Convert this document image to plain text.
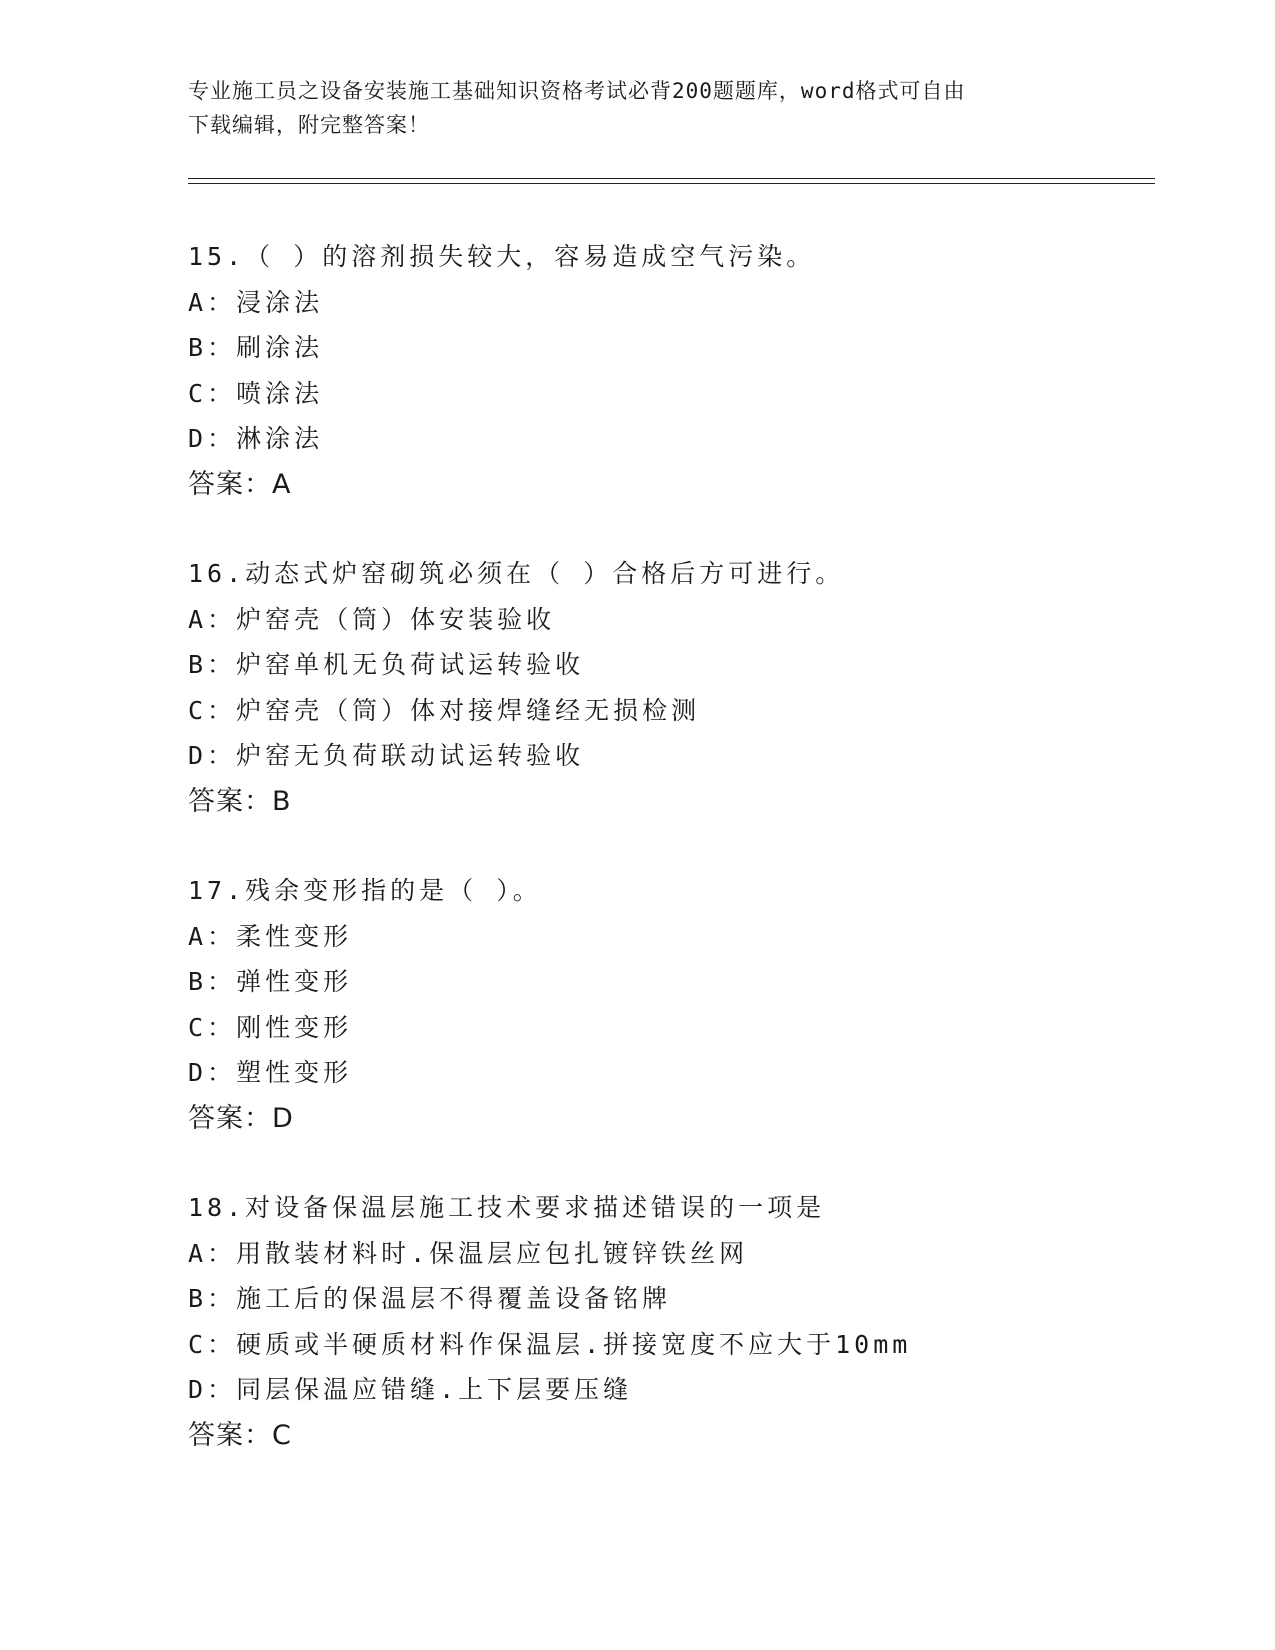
专业施工员之设备安装施工基础知识资格考试必背200题题库，word格式可自由
下载编辑，附完整答案！
15.（ ）的溶剂损失较大，容易造成空气污染。
A：浸涂法
B：刷涂法
C：喷涂法
D：淋涂法
答案：A
16.动态式炉窑砌筑必须在（ ）合格后方可进行。
A：炉窑壳（筒）体安装验收
B：炉窑单机无负荷试运转验收
C：炉窑壳（筒）体对接焊缝经无损检测
D：炉窑无负荷联动试运转验收
答案：B
17.残余变形指的是（ ）。
A：柔性变形
B：弹性变形
C：刚性变形
D：塑性变形
答案：D
18.对设备保温层施工技术要求描述错误的一项是
A：用散装材料时.保温层应包扎镀锌铁丝网
B：施工后的保温层不得覆盖设备铭牌
C：硬质或半硬质材料作保温层.拼接宽度不应大于10mm
D：同层保温应错缝.上下层要压缝
答案：C
